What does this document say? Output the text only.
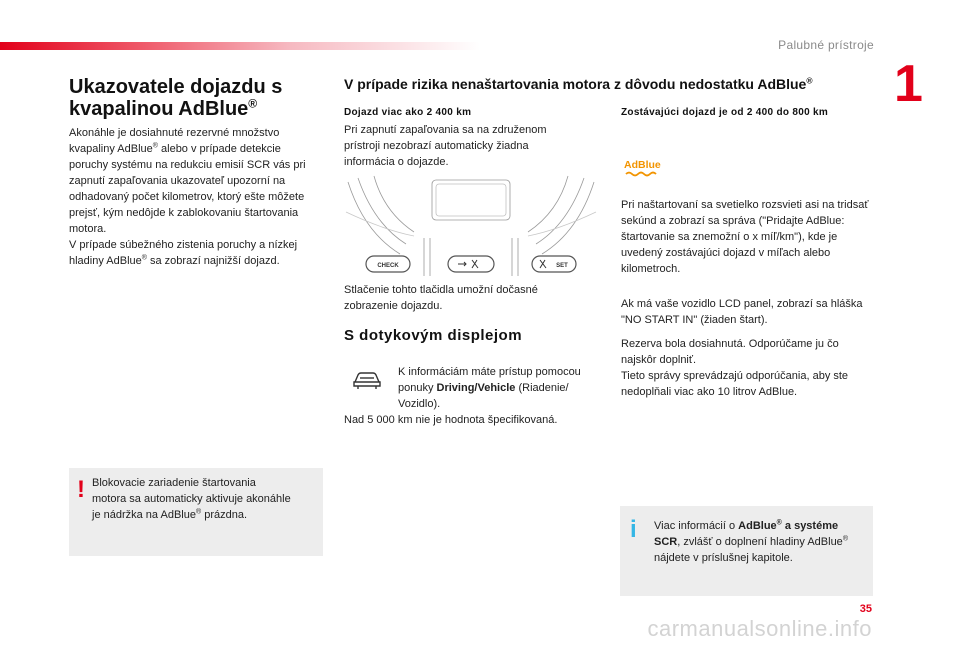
Palubné prístroje
1
Ukazovatele dojazdu s
kvapalinou AdBlue®

Akonáhle je dosiahnuté rezervné množstvo kvapaliny AdBlue® alebo v prípade detekcie poruchy systému na redukciu emisií SCR vás pri zapnutí zapaľovania ukazovateľ upozorní na odhadovaný počet kilometrov, ktorý ešte môžete prejsť, kým nedôjde k zablokovaniu štartovania motora.

V prípade súbežného zistenia poruchy a nízkej hladiny AdBlue® sa zobrazí najnižší dojazd.

! Blokovacie zariadenie štartovania motora sa automaticky aktivuje akonáhle je nádržka na AdBlue® prázdna.
V prípade rizika nenaštartovania motora z dôvodu nedostatku AdBlue®
Dojazd viac ako 2 400 km
Pri zapnutí zapaľovania sa na združenom prístroji nezobrazí automaticky žiadna informácia o dojazde.
CHECK	SET
Stlačenie tohto tlačidla umožní dočasné zobrazenie dojazdu.
S dotykovým displejom
K informáciám máte prístup pomocou ponuky Driving/Vehicle (Riadenie/ Vozidlo).
Nad 5 000 km nie je hodnota špecifikovaná.
Zostávajúci dojazd je od 2 400 do 800 km
AdBlue
Pri naštartovaní sa svetielko rozsvieti asi na tridsať sekúnd a zobrazí sa správa ("Pridajte AdBlue: štartovanie sa znemožní o x míľ/km"), kde je uvedený zostávajúci dojazd v míľach alebo kilometroch.
Ak má vaše vozidlo LCD panel, zobrazí sa hláška "NO START IN" (žiaden štart).
Rezerva bola dosiahnutá. Odporúčame ju čo najskôr doplniť.
Tieto správy sprevádzajú odporúčania, aby ste nedoplňali viac ako 10 litrov AdBlue.
i Viac informácií o AdBlue® a systéme SCR, zvlášť o doplnení hladiny AdBlue® nájdete v príslušnej kapitole.
35
carmanualsonline.info
